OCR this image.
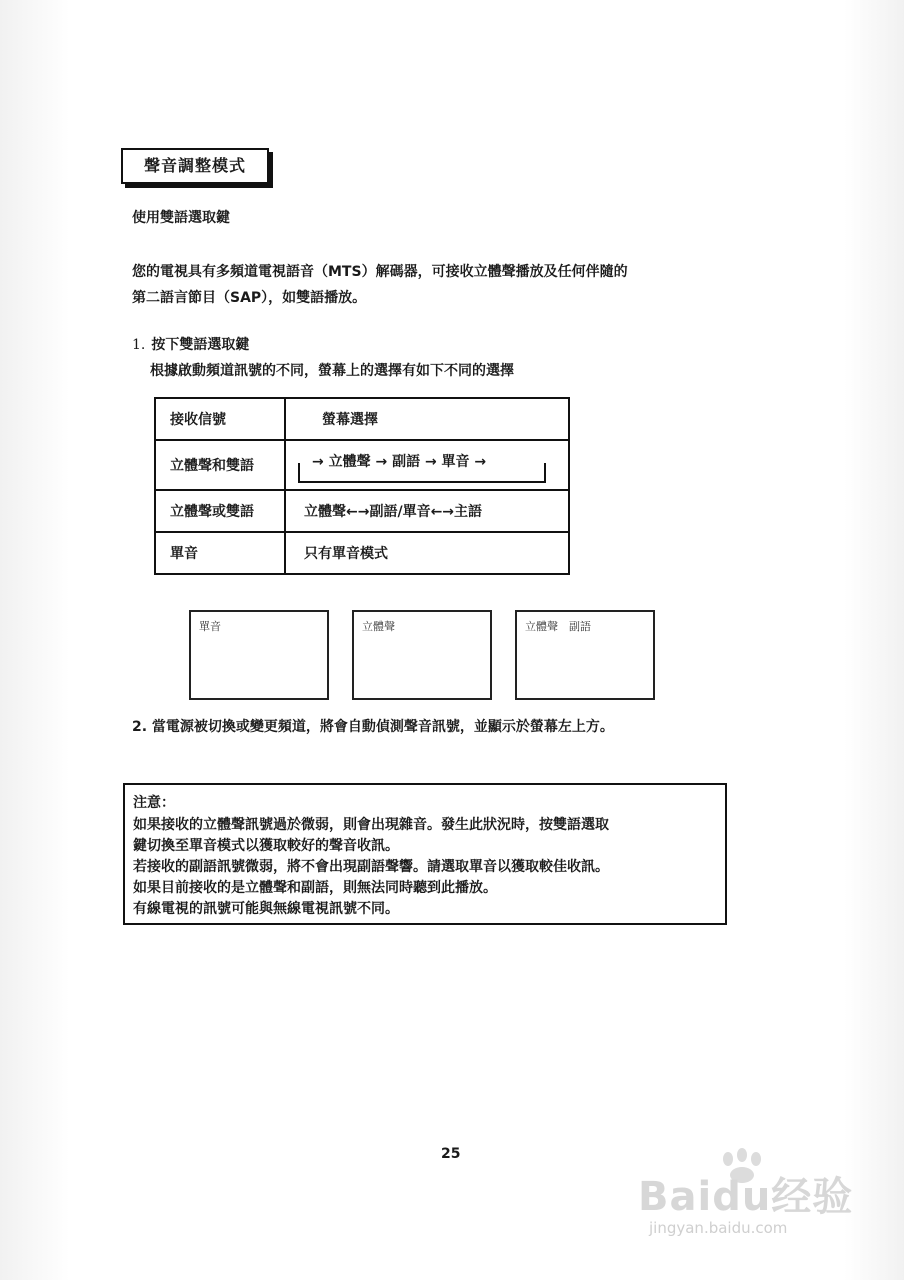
聲音調整模式
使用雙語選取鍵
您的電視具有多頻道電視語音（MTS）解碼器，可接收立體聲播放及任何伴隨的
第二語言節目（SAP），如雙語播放。
1. 按下雙語選取鍵
根據啟動頻道訊號的不同，螢幕上的選擇有如下不同的選擇
接收信號	螢幕選擇
立體聲和雙語	→ 立體聲 → 副語 → 單音 →
立體聲或雙語	立體聲←→副語/單音←→主語
單音	只有單音模式
單音	立體聲	立體聲　副語
2. 當電源被切換或變更頻道，將會自動偵測聲音訊號，並顯示於螢幕左上方。
注意：
如果接收的立體聲訊號過於微弱，則會出現雜音。發生此狀況時，按雙語選取
鍵切換至單音模式以獲取較好的聲音收訊。
若接收的副語訊號微弱，將不會出現副語聲響。請選取單音以獲取較佳收訊。
如果目前接收的是立體聲和副語，則無法同時聽到此播放。
有線電視的訊號可能與無線電視訊號不同。
25
Baidu经验
jingyan.baidu.com
